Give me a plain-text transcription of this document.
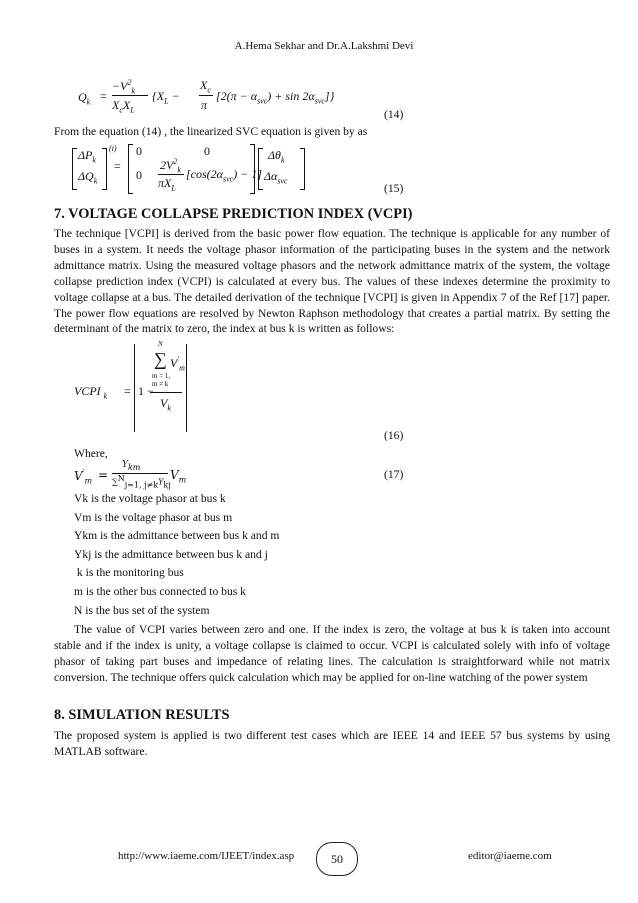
A.Hema Sekhar and Dr.A.Lakshmi Devi
$Q_k$ =
$-V^2_k$
$X_cX_L$
{$X_L$ −
$X_c$
π
$[2(\pi - \alpha_{svc}) + \sin 2\alpha_{svc}]$}
(14)
From the equation (14) , the linearized SVC equation is given by as
$\Delta P_k$
$\Delta Q_k$
(i)
=
0	0
0
$2V^2_k$
$\pi X_L$
$[\cos(2\alpha_{svc}) - 1]$
$\Delta\theta_k$
$\Delta\alpha_{svc}$
(15)
7. VOLTAGE COLLAPSE PREDICTION INDEX (VCPI)
The technique [VCPI] is derived from the basic power flow equation. The technique is applicable for any number of buses in a system. It needs the voltage phasor information of the participating buses in the system and the network admittance matrix. Using the measured voltage phasors and the network admittance matrix of the system, the voltage collapse prediction index (VCPI) is calculated at every bus. The values of these indexes determine the proximity to voltage collapse at a bus. The detailed derivation of the technique [VCPI] is given in Appendix 7 of the Ref [17] paper. The power flow equations are resolved by Newton Raphson methodology that creates a partial matrix. By setting the determinant of the matrix to zero, the index at bus k is written as follows:
VCPI $_k$ = 1 −
N
∑ $V'_m$
m = 1,
m ≠ k
$V_k$
(16)
Where,
$V'_m$ =
$Y_{km}$
$\sum^N_{j=1, j\ne k}Y_{kj}$
$V_m$	(17)
Vk is the voltage phasor at bus k
Vm is the voltage phasor at bus m
Ykm is the admittance between bus k and m
Ykj is the admittance between bus k and j
k is the monitoring bus
m is the other bus connected to bus k
N is the bus set of the system
The value of VCPI varies between zero and one. If the index is zero, the voltage at bus k is taken into account stable and if the index is unity, a voltage collapse is claimed to occur. VCPI is calculated solely with info of voltage phasor of taking part buses and impedance of relating lines. The calculation is straightforward while not matrix conversion. The technique offers quick calculation which may be applied for on-line watching of the power system
8. SIMULATION RESULTS
The proposed system is applied is two different test cases which are IEEE 14 and IEEE 57 bus systems by using MATLAB software.
http://www.iaeme.com/IJEET/index.asp	50	editor@iaeme.com
